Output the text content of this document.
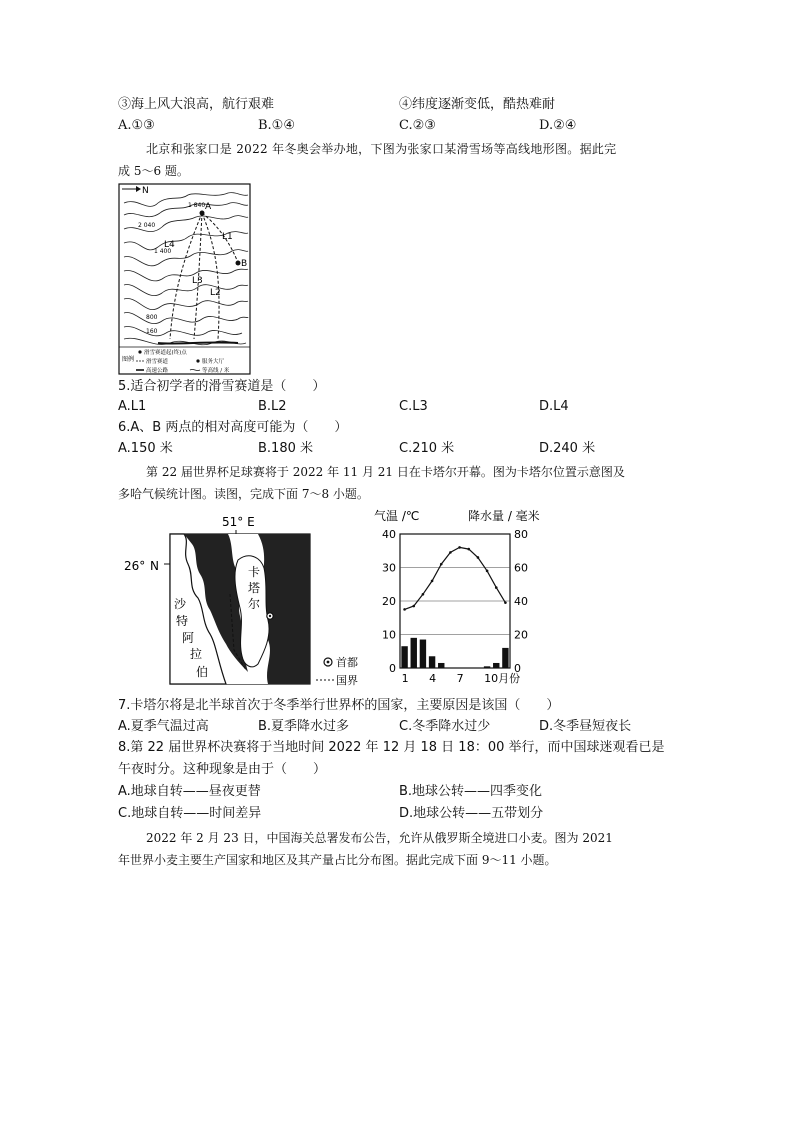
③海上风大浪高，航行艰难	④纬度逐渐变低，酷热难耐
A.①③	B.①④	C.②③	D.②④
北京和张家口是 2022 年冬奥会举办地，下图为张家口某滑雪场等高线地形图。据此完
成 5～6 题。
N
A
B
1 840
2 040
1 400
800
160
L1
L2
L3
L4
图例
滑雪赛道起(终)点
滑雪赛道	服务大厅
高速公路	等高线 / 米
5.适合初学者的滑雪赛道是（　　）
A.L1	B.L2	C.L3	D.L4
6.A、B 两点的相对高度可能为（　　）
A.150 米	B.180 米	C.210 米	D.240 米
第 22 届世界杯足球赛将于 2022 年 11 月 21 日在卡塔尔开幕。图为卡塔尔位置示意图及
多哈气候统计图。读图，完成下面 7～8 小题。
51° E
26° N	卡
塔
尔
沙
特
阿
拉
伯
首都
国界
气温 /℃	降水量 / 毫米
0
10
20
30
40
0
20
40
60
80
1 4 7 10月份
7.卡塔尔将是北半球首次于冬季举行世界杯的国家，主要原因是该国（　　）
A.夏季气温过高	B.夏季降水过多	C.冬季降水过少	D.冬季昼短夜长
8.第 22 届世界杯决赛将于当地时间 2022 年 12 月 18 日 18：00 举行，而中国球迷观看已是
午夜时分。这种现象是由于（　　）
A.地球自转——昼夜更替	B.地球公转——四季变化
C.地球自转——时间差异	D.地球公转——五带划分
2022 年 2 月 23 日，中国海关总署发布公告，允许从俄罗斯全境进口小麦。图为 2021
年世界小麦主要生产国家和地区及其产量占比分布图。据此完成下面 9～11 小题。
